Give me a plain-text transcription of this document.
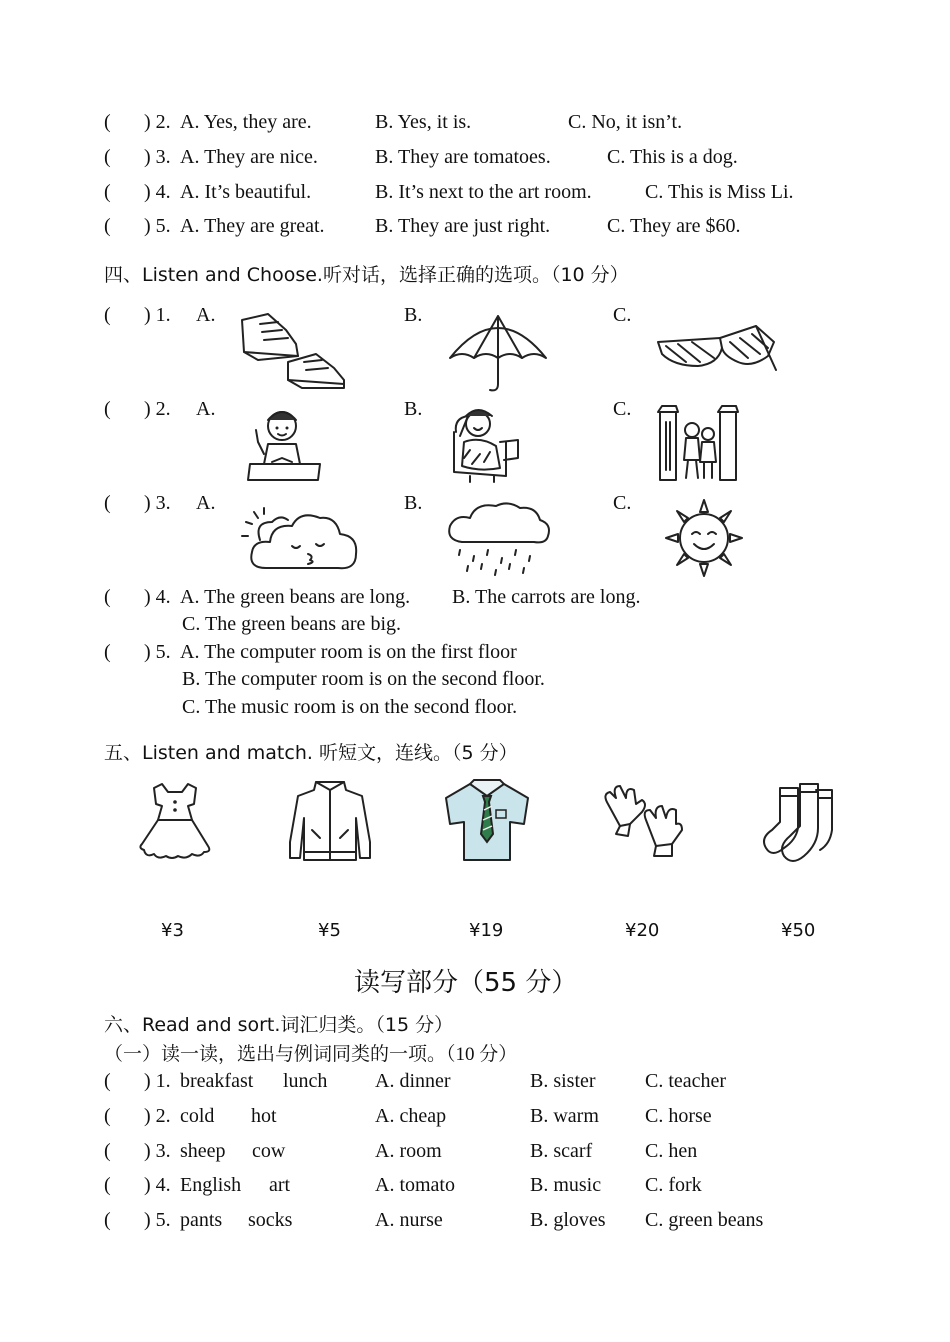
( ) 2. A. Yes, they are.	B. Yes, it is.	C. No, it isn’t.
( ) 3. A. They are nice.	B. They are tomatoes.	C. This is a dog.
( ) 4. A. It’s beautiful.	B. It’s next to the art room.	C. This is Miss Li.
( ) 5. A. They are great.	B. They are just right.	C. They are $60.
四、Listen and Choose.听对话，选择正确的选项。（10 分）
( ) 1. A.	B.	C.
( ) 2. A.	B.	C.
( ) 3. A.	B.	C.
( ) 4. A. The green beans are long. B. The carrots are long.
C. The green beans are big.
( ) 5. A. The computer room is on the first floor
B. The computer room is on the second floor.
C. The music room is on the second floor.
五、Listen and match. 听短文，连线。（5 分）
¥3	¥5	¥19	¥20	¥50
读写部分（55 分）
六、Read and sort.词汇归类。（15 分）
（一）读一读，选出与例词同类的一项。（10 分）
( ) 1. breakfast lunch A. dinner	B. sister C. teacher
( ) 2. cold hot	A. cheap	B. warm C. horse
( ) 3. sheep cow	A. room	B. scarf	C. hen
( ) 4. English art	A. tomato	B. music C. fork
( ) 5. pants socks	A. nurse	B. gloves C. green beans
